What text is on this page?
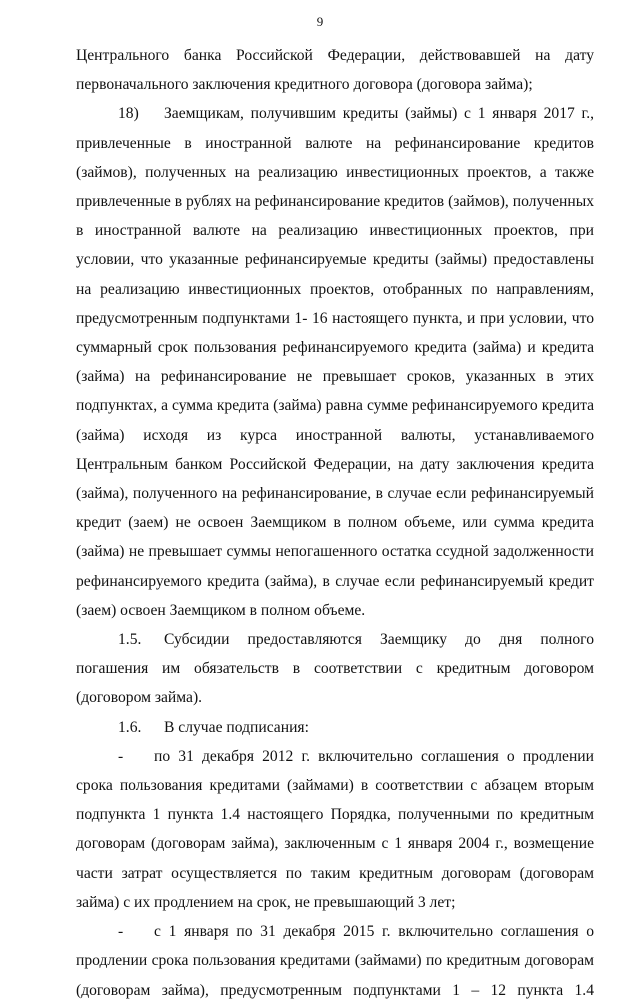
9

Центрального банка Российской Федерации, действовавшей на дату первоначального заключения кредитного договора (договора займа);

18) Заемщикам, получившим кредиты (займы) с 1 января 2017 г., привлеченные в иностранной валюте на рефинансирование кредитов (займов), полученных на реализацию инвестиционных проектов, а также привлеченные в рублях на рефинансирование кредитов (займов), полученных в иностранной валюте на реализацию инвестиционных проектов, при условии, что указанные рефинансируемые кредиты (займы) предоставлены на реализацию инвестиционных проектов, отобранных по направлениям, предусмотренным подпунктами 1- 16 настоящего пункта, и при условии, что суммарный срок пользования рефинансируемого кредита (займа) и кредита (займа) на рефинансирование не превышает сроков, указанных в этих подпунктах, а сумма кредита (займа) равна сумме рефинансируемого кредита (займа) исходя из курса иностранной валюты, устанавливаемого Центральным банком Российской Федерации, на дату заключения кредита (займа), полученного на рефинансирование, в случае если рефинансируемый кредит (заем) не освоен Заемщиком в полном объеме, или сумма кредита (займа) не превышает суммы непогашенного остатка ссудной задолженности рефинансируемого кредита (займа), в случае если рефинансируемый кредит (заем) освоен Заемщиком в полном объеме.

1.5. Субсидии предоставляются Заемщику до дня полного погашения им обязательств в соответствии с кредитным договором (договором займа).

1.6. В случае подписания:

- по 31 декабря 2012 г. включительно соглашения о продлении срока пользования кредитами (займами) в соответствии с абзацем вторым подпункта 1 пункта 1.4 настоящего Порядка, полученными по кредитным договорам (договорам займа), заключенным с 1 января 2004 г., возмещение части затрат осуществляется по таким кредитным договорам (договорам займа) с их продлением на срок, не превышающий 3 лет;

- с 1 января по 31 декабря 2015 г. включительно соглашения о продлении срока пользования кредитами (займами) по кредитным договорам (договорам займа), предусмотренным подпунктами 1 – 12 пункта 1.4
